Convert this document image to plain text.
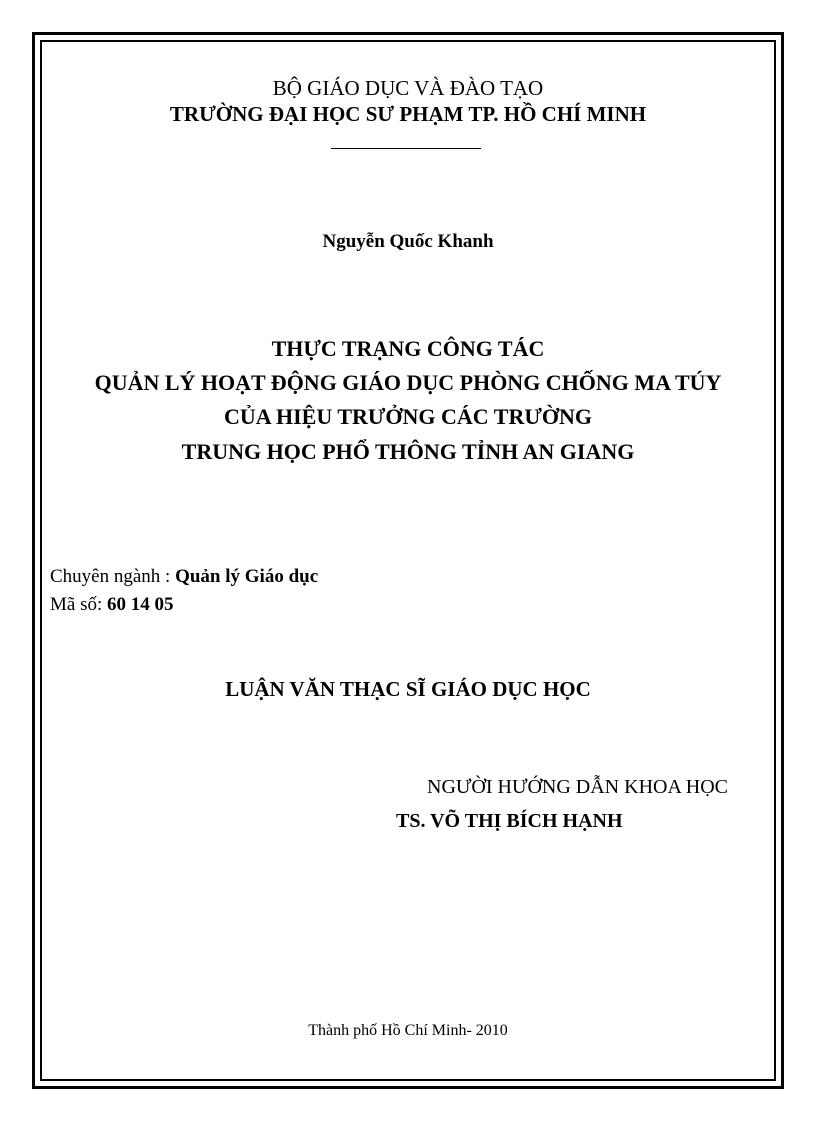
BỘ GIÁO DỤC VÀ ĐÀO TẠO
TRƯỜNG ĐẠI HỌC SƯ PHẠM TP. HỒ CHÍ MINH
Nguyễn Quốc Khanh
THỰC TRẠNG CÔNG TÁC
QUẢN LÝ HOẠT ĐỘNG GIÁO DỤC PHÒNG CHỐNG MA TÚY
CỦA HIỆU TRƯỞNG CÁC TRƯỜNG
TRUNG HỌC PHỔ THÔNG TỈNH AN GIANG
Chuyên ngành : Quản lý Giáo dục
Mã số: 60 14 05
LUẬN VĂN THẠC SĨ GIÁO DỤC HỌC
NGƯỜI HƯỚNG DẪN KHOA HỌC
TS. VÕ THỊ BÍCH HẠNH
Thành phố Hồ Chí Minh- 2010
